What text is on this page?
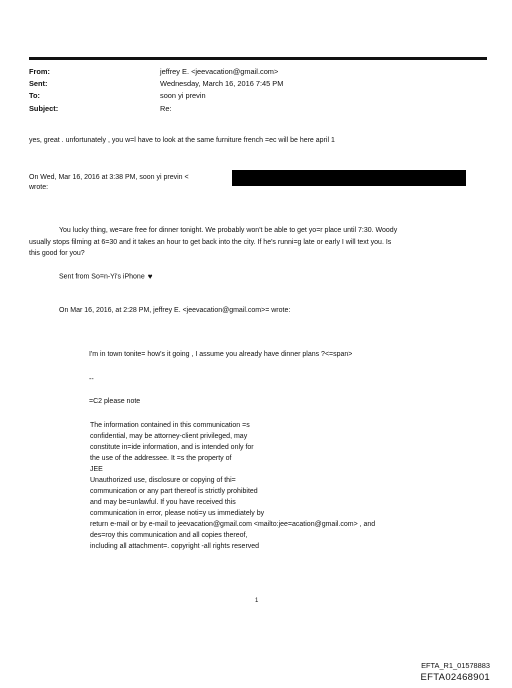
From:	jeffrey E. <jeevacation@gmail.com>
Sent:	Wednesday, March 16, 2016 7:45 PM
To:	soon yi previn
Subject:	Re:
yes, great . unfortunately , you w=l have to look at the same furniture french =ec will be here april 1
On Wed, Mar 16, 2016 at 3:38 PM, soon yi previn <
wrote:
You lucky thing, we=are free for dinner tonight. We probably won't be able to get yo=r place until 7:30. Woody
usually stops filming at 6=30 and it takes an hour to get back into the city. If he's runni=g late or early I will text you. Is
this good for you?
Sent from So=n-Yi's iPhone ♥
On Mar 16, 2016, at 2:28 PM, jeffrey E. <jeevacation@gmail.com>= wrote:
I'm in town tonite= how's it going , I assume you already have dinner plans ?<=span>
--
=C2 please note
The information contained in this communication =s
confidential, may be attorney-client privileged, may
constitute in=ide information, and is intended only for
the use of the addressee. It =s the property of
JEE
Unauthorized use, disclosure or copying of thi=
communication or any part thereof is strictly prohibited
and may be=unlawful. If you have received this
communication in error, please noti=y us immediately by
return e-mail or by e-mail to jeevacation@gmail.com <mailto:jee=acation@gmail.com> , and
des=roy this communication and all copies thereof,
including all attachment=. copyright -all rights reserved
1
EFTA_R1_01578883
EFTA02468901
